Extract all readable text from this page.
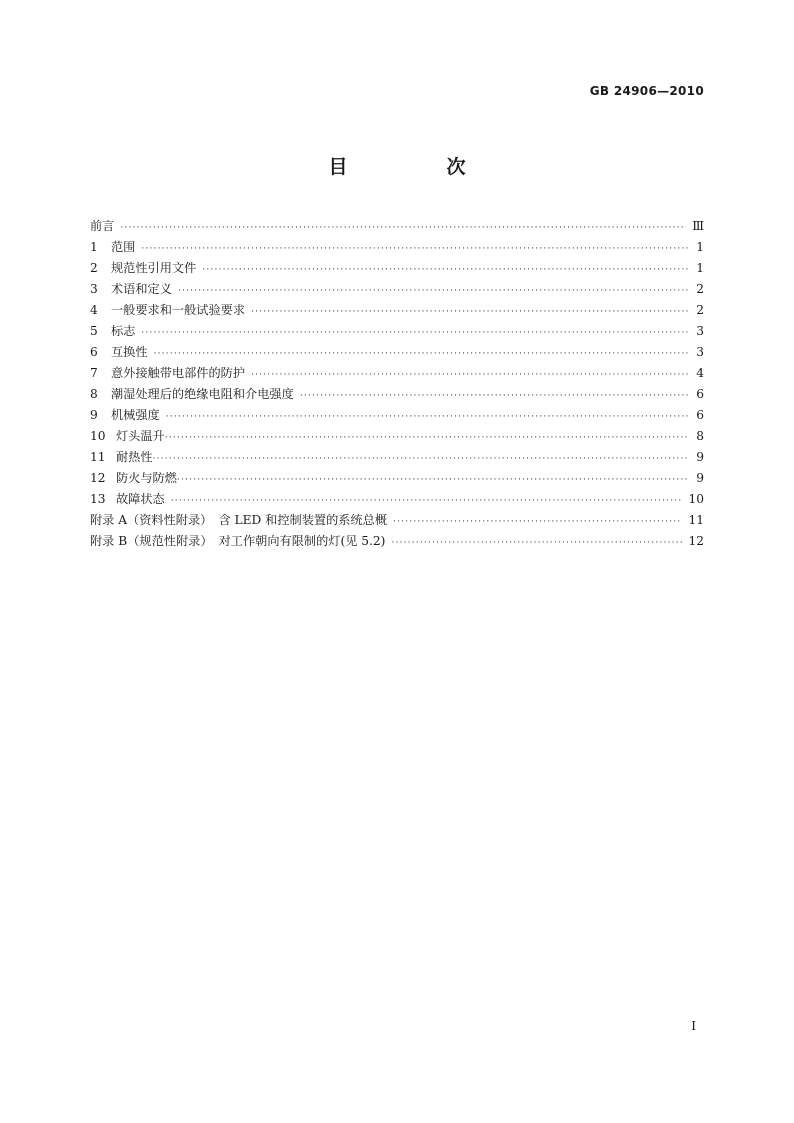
GB 24906—2010
目　次
前言 ·····	Ⅲ
1	范围 ·····	1
2	规范性引用文件 ·····	1
3	术语和定义 ·····	2
4	一般要求和一般试验要求 ·····	2
5	标志 ·····	3
6	互换性 ·····	3
7	意外接触带电部件的防护 ·····	4
8	潮湿处理后的绝缘电阻和介电强度 ·····	6
9	机械强度 ·····	6
10 灯头温升 ·····	8
11 耐热性 ·····	9
12 防火与防燃 ·····	9
13 故障状态 ·····	10
附录 A（资料性附录）　含 LED 和控制装置的系统总概 ·····	11
附录 B（规范性附录）　对工作朝向有限制的灯(见 5.2) ·····	12
Ⅰ
